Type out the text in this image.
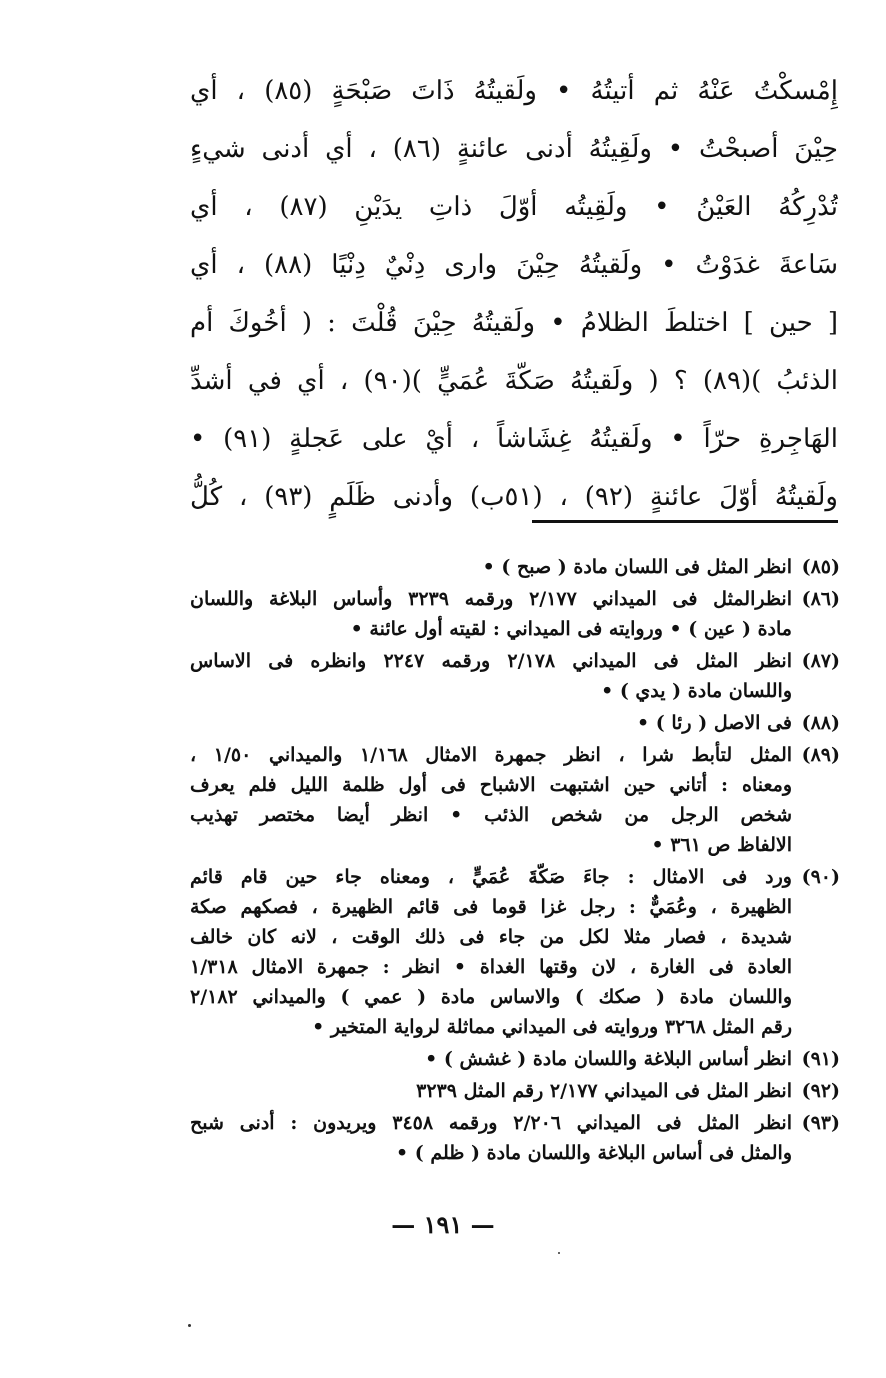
إِمْسكْتُ عَنْهُ ثم أتيتُهُ • ولَقيتُهُ ذَاتَ صَبْحَةٍ (٨٥) ، أي
حِيْنَ أصبحْتُ • ولَقِيتُهُ أدنى عائنةٍ (٨٦) ، أي أدنى شيءٍ
تُدْرِكُهُ العَيْنُ • ولَقِيتُه أوّلَ ذاتِ يدَيْنِ (٨٧) ، أي
سَاعةَ غدَوْتُ • ولَقيتُهُ حِيْنَ وارى دِنْيٌ دِنْيًا (٨٨) ، أي
[ حين ] اختلطَ الظلامُ • ولَقيتُهُ حِيْنَ قُلْتَ : ( أخُوكَ أم
الذئبُ )(٨٩) ؟ ( ولَقيتُهُ صَكّةَ عُمَيٍّ )(٩٠) ، أي في أشدِّ
الهَاجِرةِ حرّاً • ولَقيتُهُ غِشَاشاً ، أيْ على عَجلةٍ (٩١) •
ولَقيتُهُ أوّلَ عائنةٍ (٩٢) ، (٥١ب) وأدنى ظَلَمٍ (٩٣) ، كُلُّ
(٨٥)
انظر المثل فى اللسان مادة ( صبح ) •
(٨٦)
انظرالمثل فى الميداني ٢/١٧٧ ورقمه ٣٢٣٩ وأساس البلاغة واللسان
مادة ( عين ) • وروايته فى الميداني : لقيته أول عائنة •
(٨٧)
انظر المثل فى الميداني ٢/١٧٨ ورقمه ٢٢٤٧ وانظره فى الاساس
واللسان مادة ( يدي ) •
(٨٨)
فى الاصل ( رئا ) •
(٨٩)
المثل لتأبط شرا ، انظر جمهرة الامثال ١/١٦٨ والميداني ١/٥٠ ،
ومعناه : أتاني حين اشتبهت الاشباح فى أول ظلمة الليل فلم يعرف
شخص الرجل من شخص الذئب • انظر أيضا مختصر تهذيب
الالفاظ ص ٣٦١ •
(٩٠)
ورد فى الامثال : جاءَ صَكّةَ عُمَيٍّ ، ومعناه جاء حين قام قائم
الظهيرة ، وعُمَيٌّ : رجل غزا قوما فى قائم الظهيرة ، فصكهم صكة
شديدة ، فصار مثلا لكل من جاء فى ذلك الوقت ، لانه كان خالف
العادة فى الغارة ، لان وقتها الغداة • انظر : جمهرة الامثال ١/٣١٨
واللسان مادة ( صكك ) والاساس مادة ( عمي ) والميداني ٢/١٨٢
رقم المثل ٣٢٦٨ وروايته فى الميداني مماثلة لرواية المتخير •
(٩١)
انظر أساس البلاغة واللسان مادة ( غشش ) •
(٩٢)
انظر المثل فى الميداني ٢/١٧٧ رقم المثل ٣٢٣٩
(٩٣)
انظر المثل فى الميداني ٢/٢٠٦ ورقمه ٣٤٥٨ ويريدون : أدنى شبح
والمثل فى أساس البلاغة واللسان مادة ( ظلم ) •
— ١٩١ —
